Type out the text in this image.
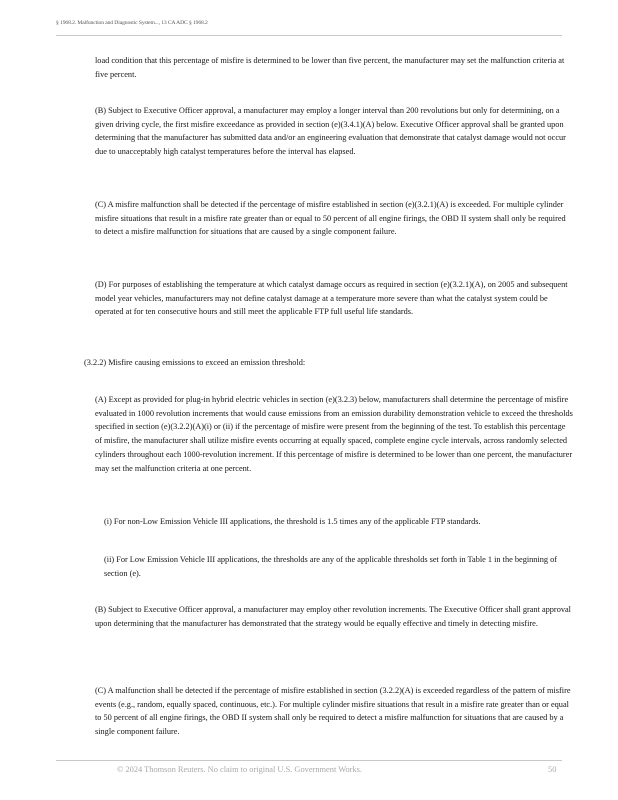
§ 1968.2. Malfunction and Diagnostic System..., 13 CA ADC § 1968.2

load condition that this percentage of misfire is determined to be lower than five percent, the manufacturer may set the malfunction criteria at five percent.

(B) Subject to Executive Officer approval, a manufacturer may employ a longer interval than 200 revolutions but only for determining, on a given driving cycle, the first misfire exceedance as provided in section (e)(3.4.1)(A) below. Executive Officer approval shall be granted upon determining that the manufacturer has submitted data and/or an engineering evaluation that demonstrate that catalyst damage would not occur due to unacceptably high catalyst temperatures before the interval has elapsed.

(C) A misfire malfunction shall be detected if the percentage of misfire established in section (e)(3.2.1)(A) is exceeded. For multiple cylinder misfire situations that result in a misfire rate greater than or equal to 50 percent of all engine firings, the OBD II system shall only be required to detect a misfire malfunction for situations that are caused by a single component failure.

(D) For purposes of establishing the temperature at which catalyst damage occurs as required in section (e)(3.2.1)(A), on 2005 and subsequent model year vehicles, manufacturers may not define catalyst damage at a temperature more severe than what the catalyst system could be operated at for ten consecutive hours and still meet the applicable FTP full useful life standards.

(3.2.2) Misfire causing emissions to exceed an emission threshold:

(A) Except as provided for plug-in hybrid electric vehicles in section (e)(3.2.3) below, manufacturers shall determine the percentage of misfire evaluated in 1000 revolution increments that would cause emissions from an emission durability demonstration vehicle to exceed the thresholds specified in section (e)(3.2.2)(A)(i) or (ii) if the percentage of misfire were present from the beginning of the test. To establish this percentage of misfire, the manufacturer shall utilize misfire events occurring at equally spaced, complete engine cycle intervals, across randomly selected cylinders throughout each 1000-revolution increment. If this percentage of misfire is determined to be lower than one percent, the manufacturer may set the malfunction criteria at one percent.

(i) For non-Low Emission Vehicle III applications, the threshold is 1.5 times any of the applicable FTP standards.

(ii) For Low Emission Vehicle III applications, the thresholds are any of the applicable thresholds set forth in Table 1 in the beginning of section (e).

(B) Subject to Executive Officer approval, a manufacturer may employ other revolution increments. The Executive Officer shall grant approval upon determining that the manufacturer has demonstrated that the strategy would be equally effective and timely in detecting misfire.

(C) A malfunction shall be detected if the percentage of misfire established in section (3.2.2)(A) is exceeded regardless of the pattern of misfire events (e.g., random, equally spaced, continuous, etc.). For multiple cylinder misfire situations that result in a misfire rate greater than or equal to 50 percent of all engine firings, the OBD II system shall only be required to detect a misfire malfunction for situations that are caused by a single component failure.

© 2024 Thomson Reuters. No claim to original U.S. Government Works.	50
